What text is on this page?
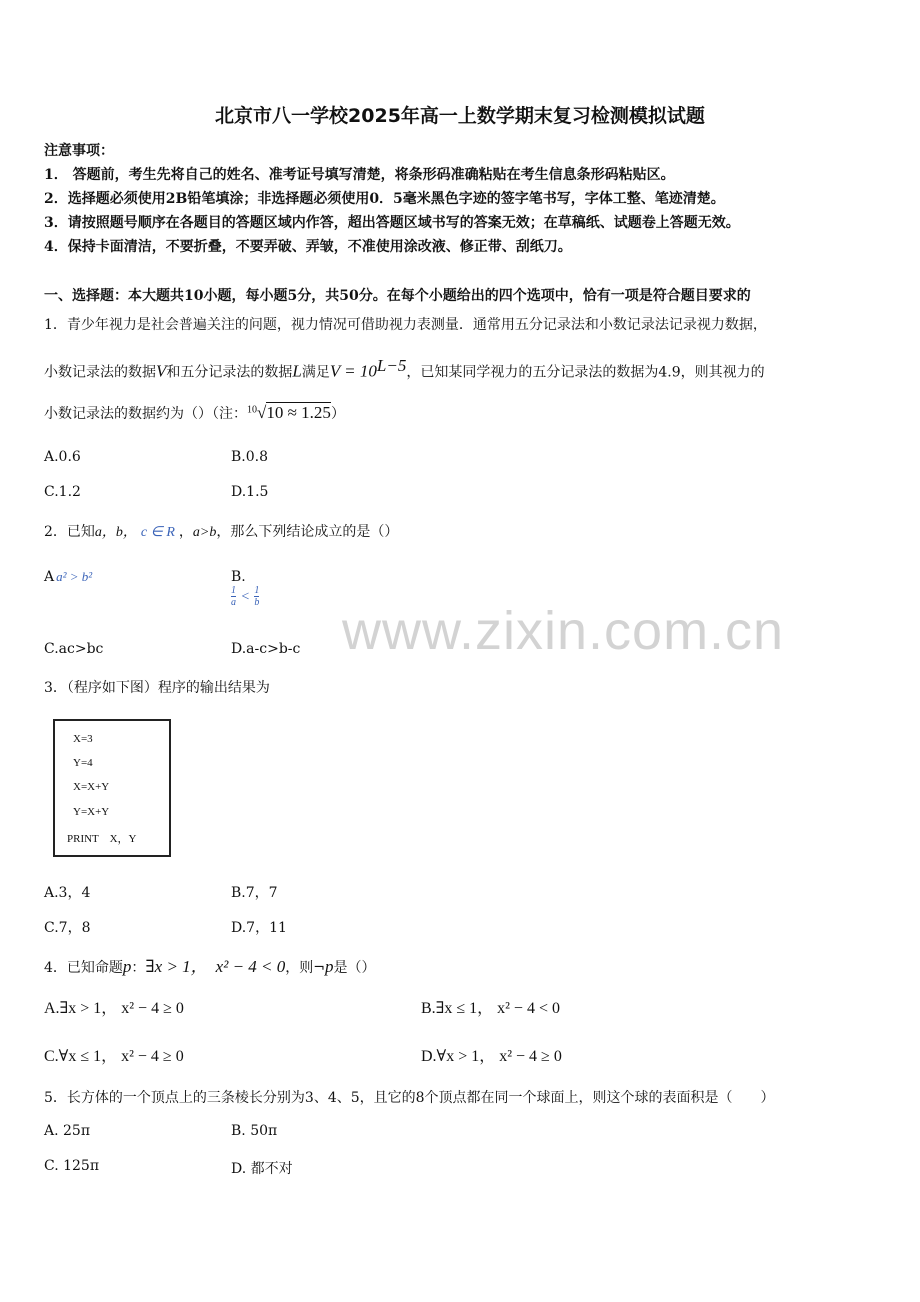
北京市八一学校2025年高一上数学期末复习检测模拟试题
注意事项：
1． 答题前，考生先将自己的姓名、准考证号填写清楚，将条形码准确粘贴在考生信息条形码粘贴区。
2．选择题必须使用2B铅笔填涂；非选择题必须使用0．5毫米黑色字迹的签字笔书写，字体工整、笔迹清楚。
3．请按照题号顺序在各题目的答题区域内作答，超出答题区域书写的答案无效；在草稿纸、试题卷上答题无效。
4．保持卡面清洁，不要折叠，不要弄破、弄皱，不准使用涂改液、修正带、刮纸刀。
一、选择题：本大题共10小题，每小题5分，共50分。在每个小题给出的四个选项中，恰有一项是符合题目要求的
1．青少年视力是社会普遍关注的问题，视力情况可借助视力表测量．通常用五分记录法和小数记录法记录视力数据，
小数记录法的数据V和五分记录法的数据L满足$V = 10^{L-5}$，已知某同学视力的五分记录法的数据为4.9，则其视力的
小数记录法的数据约为（）（注：$^{10}$√10 ≈ 1.25）
A.0.6	B.0.8
C.1.2	D.1.5
2．已知a，b， c ∈ R ，a>b，那么下列结论成立的是（）
A a² > b²	B.

$\frac{1}{a} < \frac{1}{b}$
C.ac>bc	D.a-c>b-c
3．（程序如下图）程序的输出结果为
X=3
Y=4
X=X+Y
Y=X+Y
PRINT    X，Y
A.3，4	B.7，7
C.7，8	D.7，11
4．已知命题p：∃x > 1， x² − 4 < 0，则¬p是（）
A.∃x > 1， x² − 4 ≥ 0	B.∃x ≤ 1， x² − 4 < 0
C.∀x ≤ 1， x² − 4 ≥ 0	D.∀x > 1， x² − 4 ≥ 0
5．长方体的一个顶点上的三条棱长分别为3、4、5，且它的8个顶点都在同一个球面上，则这个球的表面积是（　　）
A. 25π	B. 50π
C. 125π	D. 都不对
www.zixin.com.cn
